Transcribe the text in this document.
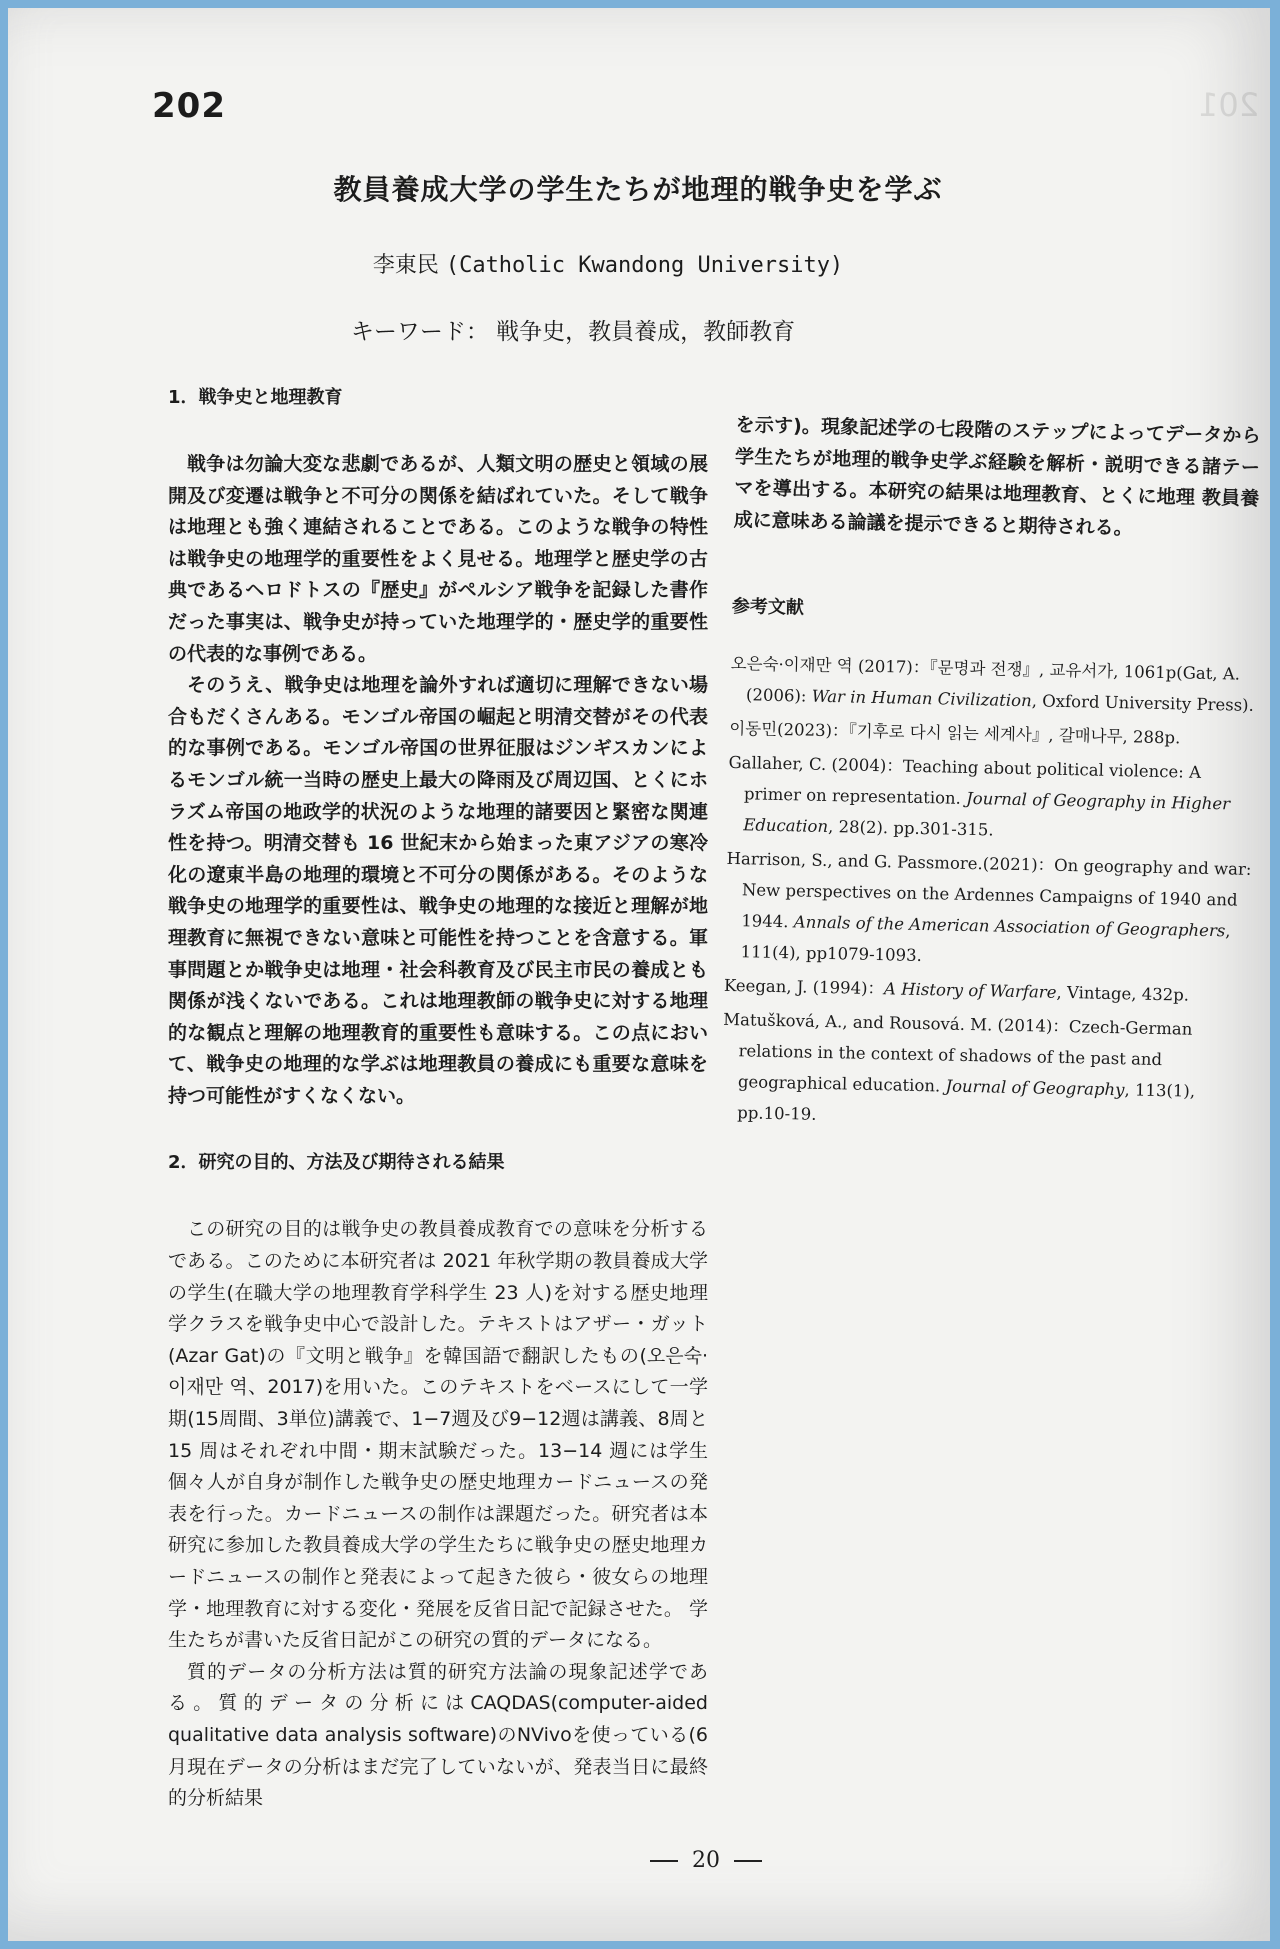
201
202
教員養成大学の学生たちが地理的戦争史を学ぶ
李東民 (Catholic Kwandong University)
キーワード： 戦争史，教員養成，教師教育
1．戦争史と地理教育

戦争は勿論大変な悲劇であるが、人類文明の歴史と領域の展開及び変遷は戦争と不可分の関係を結ばれていた。そして戦争は地理とも強く連結されることである。このような戦争の特性は戦争史の地理学的重要性をよく見せる。地理学と歴史学の古典であるヘロドトスの『歴史』がペルシア戦争を記録した書作だった事実は、戦争史が持っていた地理学的・歴史学的重要性の代表的な事例である。

そのうえ、戦争史は地理を論外すれば適切に理解できない場合もだくさんある。モンゴル帝国の崛起と明清交替がその代表的な事例である。モンゴル帝国の世界征服はジンギスカンによるモンゴル統一当時の歴史上最大の降雨及び周辺国、とくにホラズム帝国の地政学的状況のような地理的諸要因と緊密な関連性を持つ。明清交替も 16 世紀末から始まった東アジアの寒冷化の遼東半島の地理的環境と不可分の関係がある。そのような戦争史の地理学的重要性は、戦争史の地理的な接近と理解が地理教育に無視できない意味と可能性を持つことを含意する。軍事問題とか戦争史は地理・社会科教育及び民主市民の養成とも関係が浅くないである。これは地理教師の戦争史に対する地理的な観点と理解の地理教育的重要性も意味する。この点において、戦争史の地理的な学ぶは地理教員の養成にも重要な意味を持つ可能性がすくなくない。

2．研究の目的、方法及び期待される結果

この研究の目的は戦争史の教員養成教育での意味を分析するである。このために本研究者は 2021 年秋学期の教員養成大学の学生(在職大学の地理教育学科学生 23 人)を対する歴史地理学クラスを戦争史中心で設計した。テキストはアザー・ガット(Azar Gat)の『文明と戦争』を韓国語で翻訳したもの(오은숙·이재만 역、2017)を用いた。このテキストをベースにして一学期(15周間、3単位)講義で、1−7週及び9−12週は講義、8周と 15 周はそれぞれ中間・期末試験だった。13−14 週には学生個々人が自身が制作した戦争史の歴史地理カードニュースの発表を行った。カードニュースの制作は課題だった。研究者は本研究に参加した教員養成大学の学生たちに戦争史の歴史地理カードニュースの制作と発表によって起きた彼ら・彼女らの地理学・地理教育に対する変化・発展を反省日記で記録させた。 学生たちが書いた反省日記がこの研究の質的データになる。

質的データの分析方法は質的研究方法論の現象記述学である。質的データの分析にはCAQDAS(computer-aided qualitative data analysis software)のNVivoを使っている(6月現在データの分析はまだ完了していないが、発表当日に最終的分析結果

を示す)。現象記述学の七段階のステップによってデータから学生たちが地理的戦争史学ぶ経験を解析・説明できる諸テーマを導出する。本研究の結果は地理教育、とくに地理 教員養成に意味ある論議を提示できると期待される。

参考文献

오은숙·이재만 역 (2017)：『문명과 전쟁』, 교유서가, 1061p(Gat, A. (2006): War in Human Civilization, Oxford University Press).

이동민(2023)：『기후로 다시 읽는 세계사』, 갈매나무, 288p.

Gallaher, C. (2004)：Teaching about political violence: A primer on representation. Journal of Geography in Higher Education, 28(2). pp.301-315.

Harrison, S., and G. Passmore.(2021)：On geography and war: New perspectives on the Ardennes Campaigns of 1940 and 1944. Annals of the American Association of Geographers, 111(4), pp1079-1093.

Keegan, J. (1994)：A History of Warfare, Vintage, 432p.

Matušková, A., and Rousová. M. (2014)：Czech-German relations in the context of shadows of the past and geographical education. Journal of Geography, 113(1), pp.10-19.

20
